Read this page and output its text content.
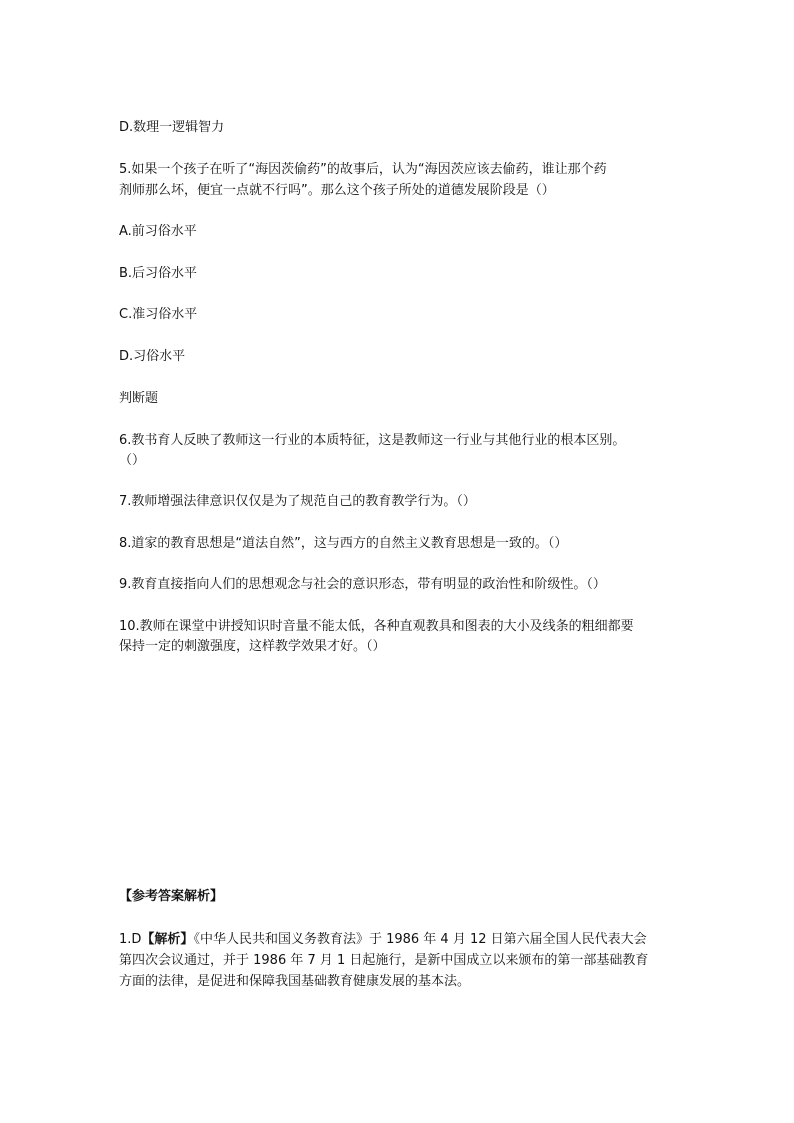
D.数理一逻辑智力

5.如果一个孩子在听了“海因茨偷药”的故事后，认为“海因茨应该去偷药，谁让那个药

剂师那么坏，便宜一点就不行吗”。那么这个孩子所处的道德发展阶段是（）

A.前习俗水平

B.后习俗水平

C.准习俗水平

D.习俗水平

判断题

6.教书育人反映了教师这一行业的本质特征，这是教师这一行业与其他行业的根本区别。

（）

7.教师增强法律意识仅仅是为了规范自己的教育教学行为。（）

8.道家的教育思想是“道法自然”，这与西方的自然主义教育思想是一致的。（）

9.教育直接指向人们的思想观念与社会的意识形态，带有明显的政治性和阶级性。（）

10.教师在课堂中讲授知识时音量不能太低，各种直观教具和图表的大小及线条的粗细都要

保持一定的刺激强度，这样教学效果才好。（）

【参考答案解析】

1.D【解析】《中华人民共和国义务教育法》于 1986 年 4 月 12 日第六届全国人民代表大会

第四次会议通过，并于 1986 年 7 月 1 日起施行，是新中国成立以来颁布的第一部基础教育

方面的法律，是促进和保障我国基础教育健康发展的基本法。
